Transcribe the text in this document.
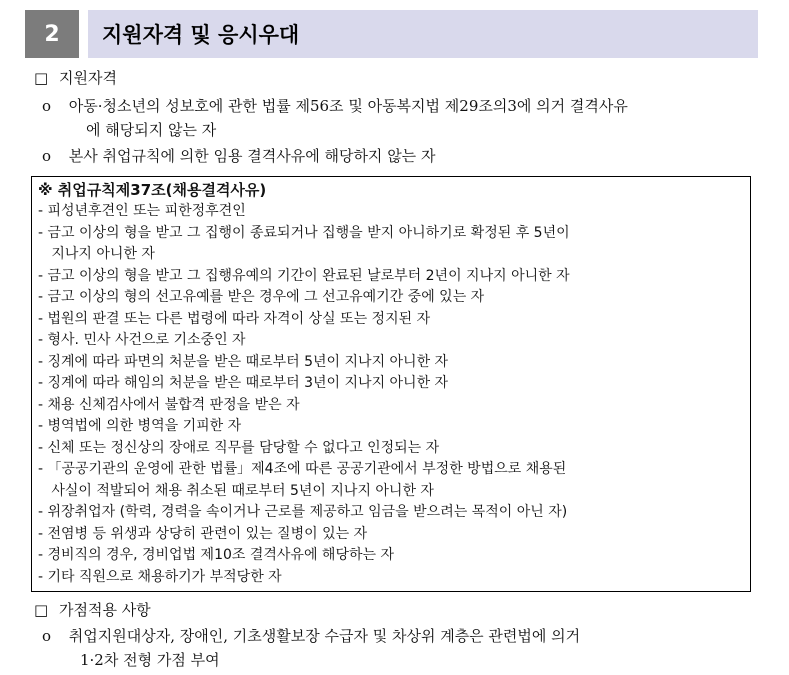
2	지원자격 및 응시우대
□ 지원자격
o 아동·청소년의 성보호에 관한 법률 제56조 및 아동복지법 제29조의3에 의거 결격사유
에 해당되지 않는 자
o 본사 취업규칙에 의한 임용 결격사유에 해당하지 않는 자
※ 취업규칙제37조(채용결격사유)
- 피성년후견인 또는 피한정후견인
- 금고 이상의 형을 받고 그 집행이 종료되거나 집행을 받지 아니하기로 확정된 후 5년이
지나지 아니한 자
- 금고 이상의 형을 받고 그 집행유예의 기간이 완료된 날로부터 2년이 지나지 아니한 자
- 금고 이상의 형의 선고유예를 받은 경우에 그 선고유예기간 중에 있는 자
- 법원의 판결 또는 다른 법령에 따라 자격이 상실 또는 정지된 자
- 형사. 민사 사건으로 기소중인 자
- 징계에 따라 파면의 처분을 받은 때로부터 5년이 지나지 아니한 자
- 징계에 따라 해임의 처분을 받은 때로부터 3년이 지나지 아니한 자
- 채용 신체검사에서 불합격 판정을 받은 자
- 병역법에 의한 병역을 기피한 자
- 신체 또는 정신상의 장애로 직무를 담당할 수 없다고 인정되는 자
- 「공공기관의 운영에 관한 법률」제4조에 따른 공공기관에서 부정한 방법으로 채용된
사실이 적발되어 채용 취소된 때로부터 5년이 지나지 아니한 자
- 위장취업자 (학력, 경력을 속이거나 근로를 제공하고 임금을 받으려는 목적이 아닌 자)
- 전염병 등 위생과 상당히 관련이 있는 질병이 있는 자
- 경비직의 경우, 경비업법 제10조 결격사유에 해당하는 자
- 기타 직원으로 채용하기가 부적당한 자
□ 가점적용 사항
o 취업지원대상자, 장애인, 기초생활보장 수급자 및 차상위 계층은 관련법에 의거
1·2차 전형 가점 부여
